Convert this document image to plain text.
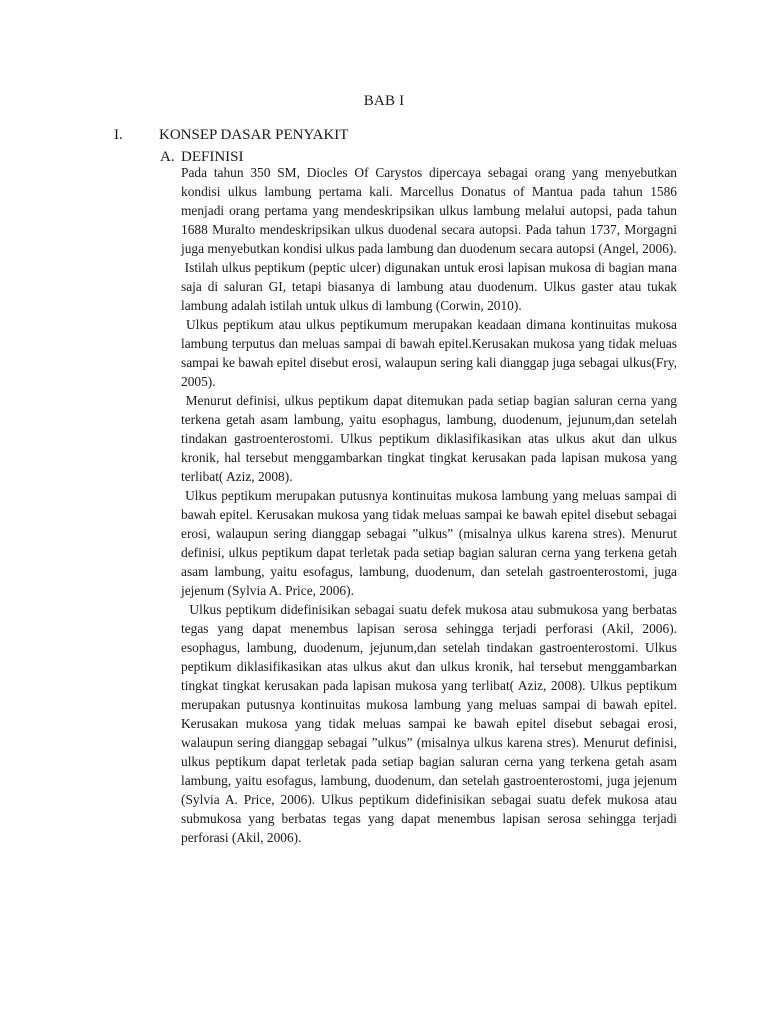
BAB I
I. KONSEP DASAR PENYAKIT
A. DEFINISI

Pada tahun 350 SM, Diocles Of Carystos dipercaya sebagai orang yang menyebutkan kondisi ulkus lambung pertama kali. Marcellus Donatus of Mantua pada tahun 1586 menjadi orang pertama yang mendeskripsikan ulkus lambung melalui autopsi, pada tahun 1688 Muralto mendeskripsikan ulkus duodenal secara autopsi. Pada tahun 1737, Morgagni juga menyebutkan kondisi ulkus pada lambung dan duodenum secara autopsi (Angel, 2006).

Istilah ulkus peptikum (peptic ulcer) digunakan untuk erosi lapisan mukosa di bagian mana saja di saluran GI, tetapi biasanya di lambung atau duodenum. Ulkus gaster atau tukak lambung adalah istilah untuk ulkus di lambung (Corwin, 2010).

Ulkus peptikum atau ulkus peptikumum merupakan keadaan dimana kontinuitas mukosa lambung terputus dan meluas sampai di bawah epitel.Kerusakan mukosa yang tidak meluas sampai ke bawah epitel disebut erosi, walaupun sering kali dianggap juga sebagai ulkus(Fry, 2005).

Menurut definisi, ulkus peptikum dapat ditemukan pada setiap bagian saluran cerna yang terkena getah asam lambung, yaitu esophagus, lambung, duodenum, jejunum,dan setelah tindakan gastroenterostomi. Ulkus peptikum diklasifikasikan atas ulkus akut dan ulkus kronik, hal tersebut menggambarkan tingkat tingkat kerusakan pada lapisan mukosa yang terlibat( Aziz, 2008).

Ulkus peptikum merupakan putusnya kontinuitas mukosa lambung yang meluas sampai di bawah epitel. Kerusakan mukosa yang tidak meluas sampai ke bawah epitel disebut sebagai erosi, walaupun sering dianggap sebagai ”ulkus” (misalnya ulkus karena stres). Menurut definisi, ulkus peptikum dapat terletak pada setiap bagian saluran cerna yang terkena getah asam lambung, yaitu esofagus, lambung, duodenum, dan setelah gastroenterostomi, juga jejenum (Sylvia A. Price, 2006).

Ulkus peptikum didefinisikan sebagai suatu defek mukosa atau submukosa yang berbatas tegas yang dapat menembus lapisan serosa sehingga terjadi perforasi (Akil, 2006). esophagus, lambung, duodenum, jejunum,dan setelah tindakan gastroenterostomi. Ulkus peptikum diklasifikasikan atas ulkus akut dan ulkus kronik, hal tersebut menggambarkan tingkat tingkat kerusakan pada lapisan mukosa yang terlibat( Aziz, 2008). Ulkus peptikum merupakan putusnya kontinuitas mukosa lambung yang meluas sampai di bawah epitel. Kerusakan mukosa yang tidak meluas sampai ke bawah epitel disebut sebagai erosi, walaupun sering dianggap sebagai ”ulkus” (misalnya ulkus karena stres). Menurut definisi, ulkus peptikum dapat terletak pada setiap bagian saluran cerna yang terkena getah asam lambung, yaitu esofagus, lambung, duodenum, dan setelah gastroenterostomi, juga jejenum (Sylvia A. Price, 2006). Ulkus peptikum didefinisikan sebagai suatu defek mukosa atau submukosa yang berbatas tegas yang dapat menembus lapisan serosa sehingga terjadi perforasi (Akil, 2006).
